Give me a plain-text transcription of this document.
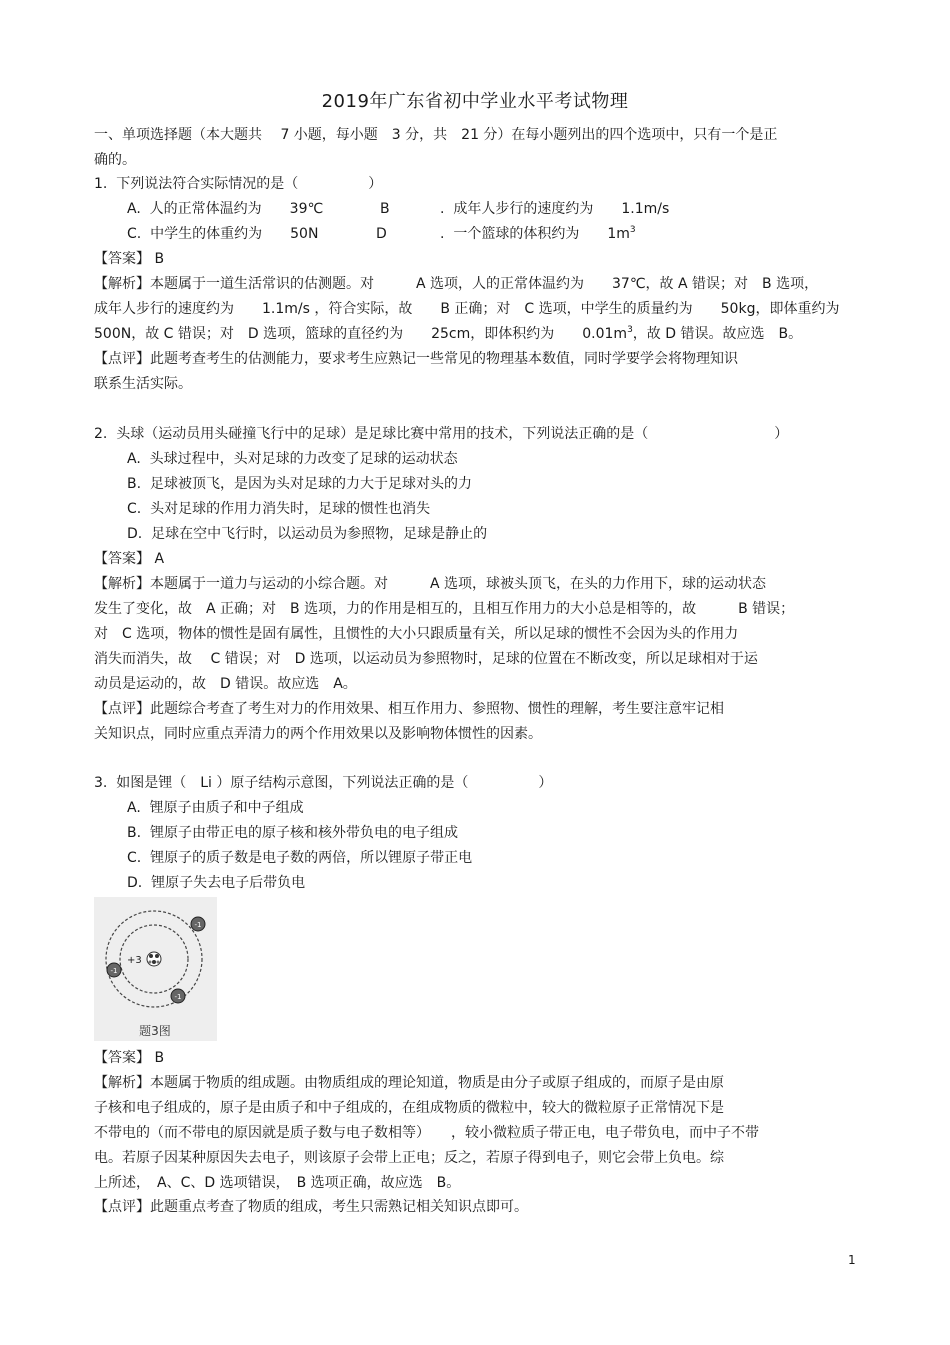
2019年广东省初中学业水平考试物理
一、单项选择题（本大题共　 7 小题，每小题　3 分，共　21 分）在每小题列出的四个选项中，只有一个是正
确的。
1.  下列说法符合实际情况的是（　　　　　）
A.  人的正常体温约为　　39℃	B	.  成年人步行的速度约为　　1.1m/s
C.  中学生的体重约为　　50N	D	.  一个篮球的体积约为　　$1m^3$
【答案】 B
【解析】本题属于一道生活常识的估测题。对　　　A 选项，人的正常体温约为　　37℃，故 A 错误；对　B 选项，
成年人步行的速度约为　　1.1m/s ，符合实际，故　　B 正确；对　C 选项，中学生的质量约为　　50kg，即体重约为
500N，故 C 错误；对　D 选项，篮球的直径约为　　25cm，即体积约为　　$0.01m^3$，故 D 错误。故应选　B。
【点评】此题考查考生的估测能力，要求考生应熟记一些常见的物理基本数值，同时学要学会将物理知识
联系生活实际。
2.  头球（运动员用头碰撞飞行中的足球）是足球比赛中常用的技术，下列说法正确的是（　　　　　　　　　）
A.  头球过程中，头对足球的力改变了足球的运动状态
B.  足球被顶飞，是因为头对足球的力大于足球对头的力
C.  头对足球的作用力消失时，足球的惯性也消失
D.  足球在空中飞行时，以运动员为参照物，足球是静止的
【答案】 A
【解析】本题属于一道力与运动的小综合题。对　　　A 选项，球被头顶飞，在头的力作用下，球的运动状态
发生了变化，故　A 正确；对　B 选项，力的作用是相互的，且相互作用力的大小总是相等的，故　　　B 错误；
对　C 选项，物体的惯性是固有属性，且惯性的大小只跟质量有关，所以足球的惯性不会因为头的作用力
消失而消失，故　 C 错误；对　D 选项，以运动员为参照物时，足球的位置在不断改变，所以足球相对于运
动员是运动的，故　D 错误。故应选　A。
【点评】此题综合考查了考生对力的作用效果、相互作用力、参照物、惯性的理解，考生要注意牢记相
关知识点，同时应重点弄清力的两个作用效果以及影响物体惯性的因素。
3.  如图是锂（　Li ）原子结构示意图，下列说法正确的是（　　　　　）
A.  锂原子由质子和中子组成
B.  锂原子由带正电的原子核和核外带负电的电子组成
C.  锂原子的质子数是电子数的两倍，所以锂原子带正电
D.  锂原子失去电子后带负电
+3
-1
-1
-1
题3图
【答案】 B
【解析】本题属于物质的组成题。由物质组成的理论知道，物质是由分子或原子组成的，而原子是由原
子核和电子组成的，原子是由质子和中子组成的，在组成物质的微粒中，较大的微粒原子正常情况下是
不带电的（而不带电的原因就是质子数与电子数相等）　　，较小微粒质子带正电，电子带负电，而中子不带
电。若原子因某种原因失去电子，则该原子会带上正电；反之，若原子得到电子，则它会带上负电。综
上所述，　A、C、D 选项错误，　B 选项正确，故应选　B。
【点评】此题重点考查了物质的组成，考生只需熟记相关知识点即可。
1
